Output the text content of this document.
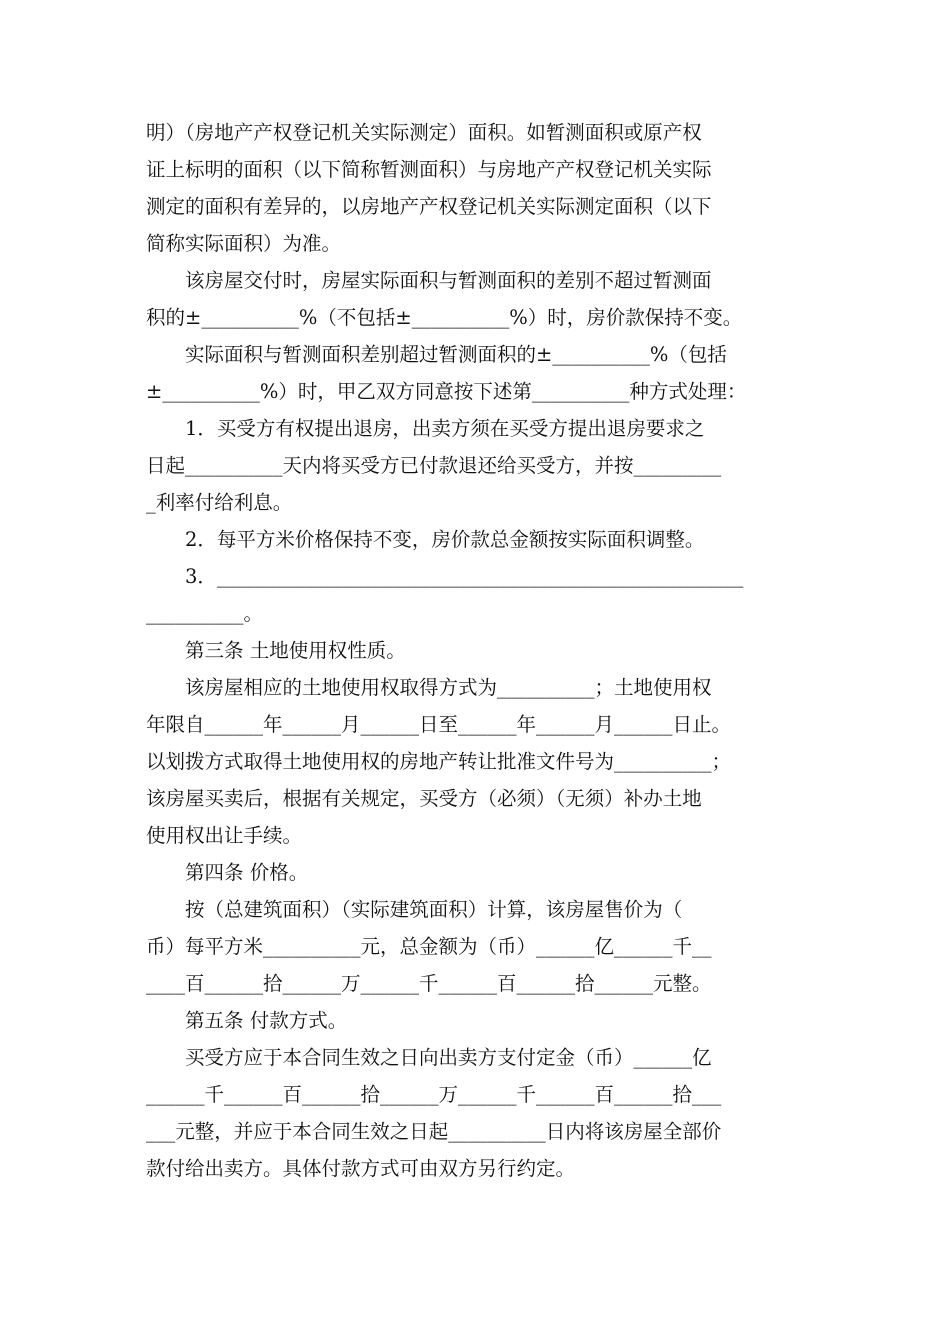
明）（房地产产权登记机关实际测定）面积。如暂测面积或原产权
证上标明的面积（以下简称暂测面积）与房地产产权登记机关实际
测定的面积有差异的，以房地产产权登记机关实际测定面积（以下
简称实际面积）为准。
　　该房屋交付时，房屋实际面积与暂测面积的差别不超过暂测面
积的±__________%（不包括±__________%）时，房价款保持不变。
　　实际面积与暂测面积差别超过暂测面积的±__________%（包括
±__________%）时，甲乙双方同意按下述第__________种方式处理：
　　1．买受方有权提出退房，出卖方须在买受方提出退房要求之
日起__________天内将买受方已付款退还给买受方，并按_________
_利率付给利息。
　　2．每平方米价格保持不变，房价款总金额按实际面积调整。
　　3．______________________________________________________
__________。
　　第三条 土地使用权性质。
　　该房屋相应的土地使用权取得方式为__________；土地使用权
年限自______年______月______日至______年______月______日止。
以划拨方式取得土地使用权的房地产转让批准文件号为__________；
该房屋买卖后，根据有关规定，买受方（必须）（无须）补办土地
使用权出让手续。
　　第四条 价格。
　　按（总建筑面积）（实际建筑面积）计算，该房屋售价为（
币）每平方米__________元，总金额为（币）______亿______千__
____百______拾______万______千______百______拾______元整。
　　第五条 付款方式。
　　买受方应于本合同生效之日向出卖方支付定金（币）______亿
______千______百______拾______万______千______百______拾___
___元整，并应于本合同生效之日起__________日内将该房屋全部价
款付给出卖方。具体付款方式可由双方另行约定。
